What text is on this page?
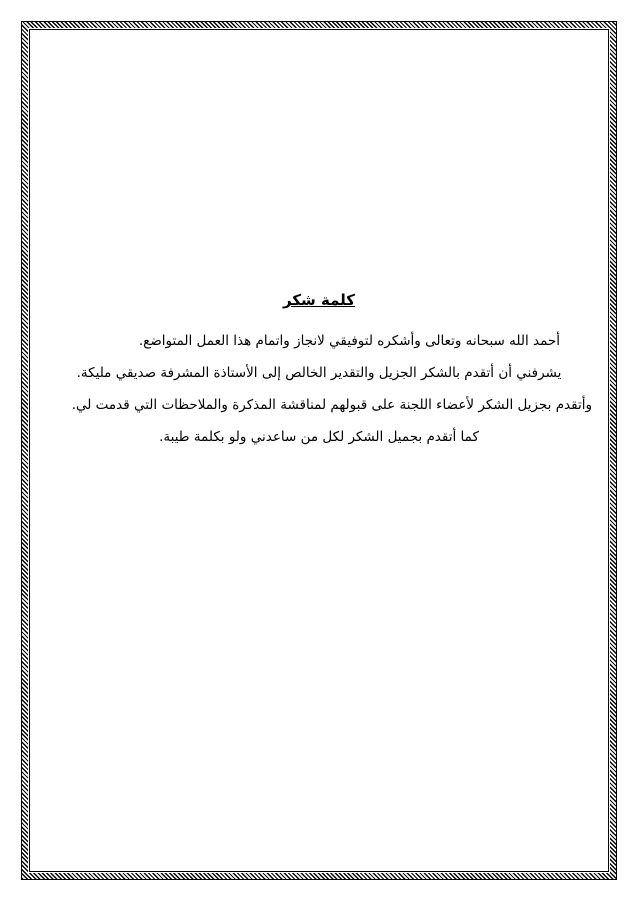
كلمة شكر

أحمد الله سبحانه وتعالى وأشكره لتوفيقي لانجاز واتمام هذا العمل المتواضع.

يشرفني أن أتقدم بالشكر الجزيل والتقدير الخالص إلى الأستاذة المشرفة صديقي مليكة.

وأتقدم بجزيل الشكر لأعضاء اللجنة على قبولهم لمناقشة المذكرة والملاحظات التي قدمت لي.

كما أتقدم بجميل الشكر لكل من ساعدني ولو بكلمة طيبة.
